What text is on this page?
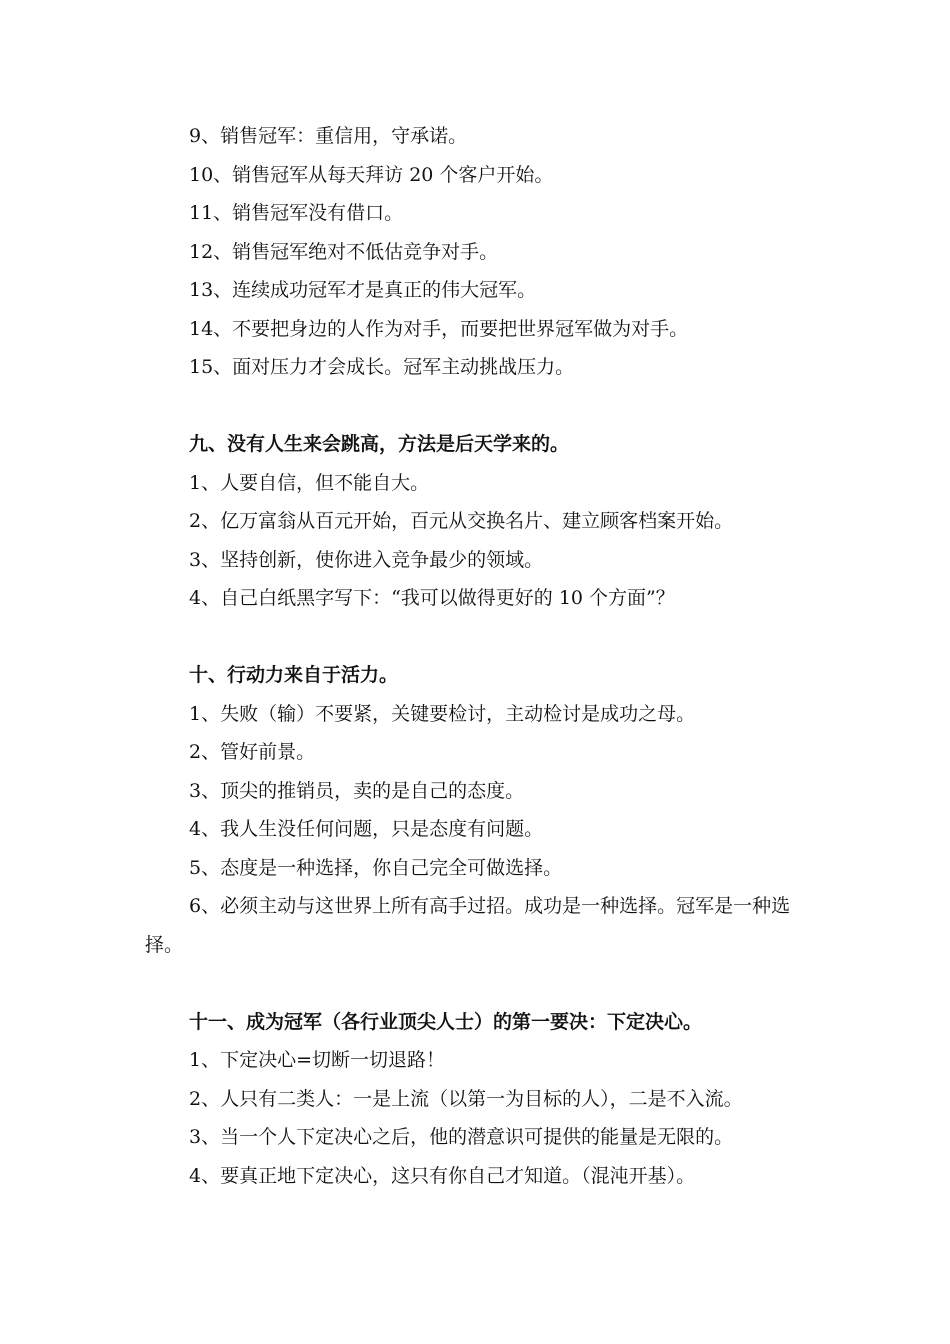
9、销售冠军：重信用，守承诺。
10、销售冠军从每天拜访 20 个客户开始。
11、销售冠军没有借口。
12、销售冠军绝对不低估竞争对手。
13、连续成功冠军才是真正的伟大冠军。
14、不要把身边的人作为对手，而要把世界冠军做为对手。
15、面对压力才会成长。冠军主动挑战压力。
九、没有人生来会跳高，方法是后天学来的。
1、人要自信，但不能自大。
2、亿万富翁从百元开始，百元从交换名片、建立顾客档案开始。
3、坚持创新，使你进入竞争最少的领域。
4、自己白纸黑字写下：“我可以做得更好的 10 个方面”？
十、行动力来自于活力。
1、失败（输）不要紧，关键要检讨，主动检讨是成功之母。
2、管好前景。
3、顶尖的推销员，卖的是自己的态度。
4、我人生没任何问题，只是态度有问题。
5、态度是一种选择，你自己完全可做选择。
6、必须主动与这世界上所有高手过招。成功是一种选择。冠军是一种选择。
十一、成为冠军（各行业顶尖人士）的第一要决：下定决心。
1、下定决心=切断一切退路！
2、人只有二类人：一是上流（以第一为目标的人），二是不入流。
3、当一个人下定决心之后，他的潜意识可提供的能量是无限的。
4、要真正地下定决心，这只有你自己才知道。（混沌开基）。
